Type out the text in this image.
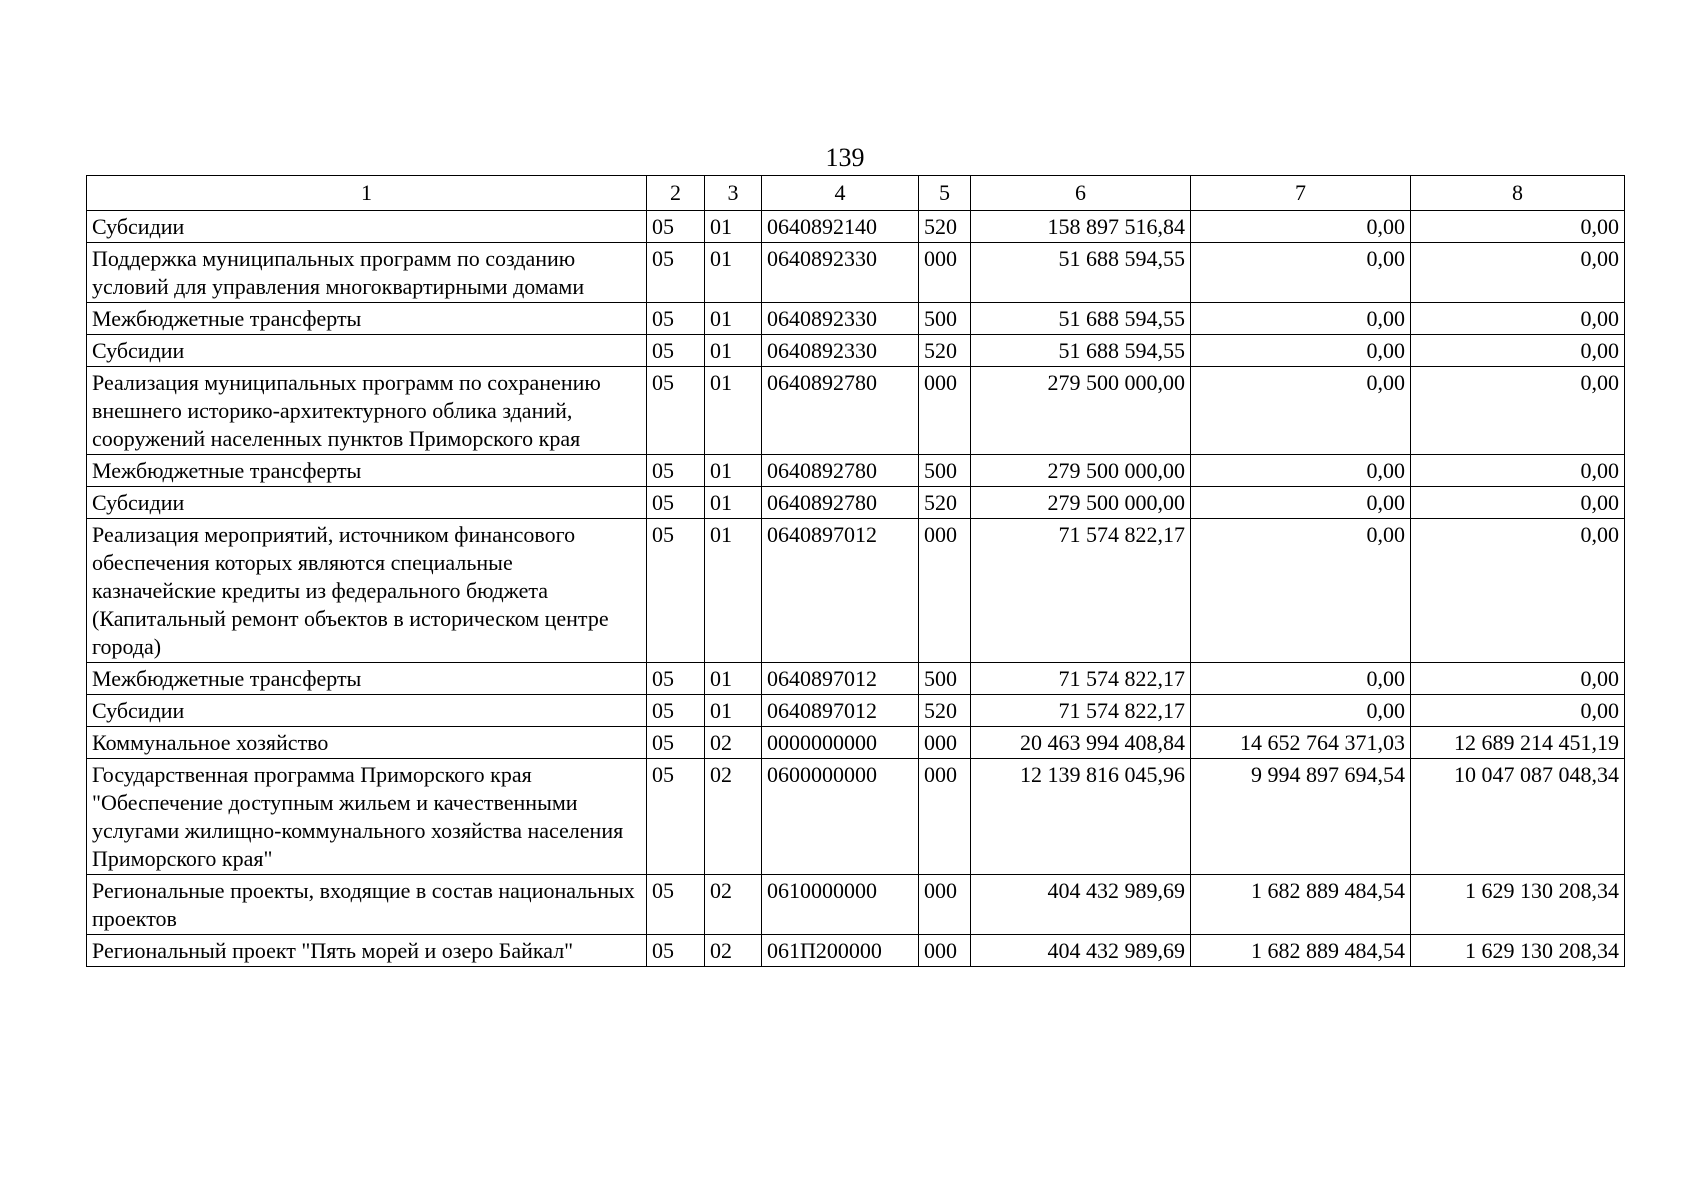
139
1	2	3	4	5	6	7	8
Субсидии	05	01	0640892140	520	158 897 516,84	0,00	0,00
Поддержка муниципальных программ по созданию условий для управления многоквартирными домами	05	01	0640892330	000	51 688 594,55	0,00	0,00
Межбюджетные трансферты	05	01	0640892330	500	51 688 594,55	0,00	0,00
Субсидии	05	01	0640892330	520	51 688 594,55	0,00	0,00
Реализация муниципальных программ по сохранению внешнего историко-архитектурного облика зданий, сооружений населенных пунктов Приморского края	05	01	0640892780	000	279 500 000,00	0,00	0,00
Межбюджетные трансферты	05	01	0640892780	500	279 500 000,00	0,00	0,00
Субсидии	05	01	0640892780	520	279 500 000,00	0,00	0,00
Реализация мероприятий, источником финансового обеспечения которых являются специальные казначейские кредиты из федерального бюджета (Капитальный ремонт объектов в историческом центре города)	05	01	0640897012	000	71 574 822,17	0,00	0,00
Межбюджетные трансферты	05	01	0640897012	500	71 574 822,17	0,00	0,00
Субсидии	05	01	0640897012	520	71 574 822,17	0,00	0,00
Коммунальное хозяйство	05	02	0000000000	000	20 463 994 408,84	14 652 764 371,03	12 689 214 451,19
Государственная программа Приморского края "Обеспечение доступным жильем и качественными услугами жилищно-коммунального хозяйства населения Приморского края"	05	02	0600000000	000	12 139 816 045,96	9 994 897 694,54	10 047 087 048,34
Региональные проекты, входящие в состав национальных проектов	05	02	0610000000	000	404 432 989,69	1 682 889 484,54	1 629 130 208,34
Региональный проект "Пять морей и озеро Байкал"	05	02	061П200000	000	404 432 989,69	1 682 889 484,54	1 629 130 208,34
